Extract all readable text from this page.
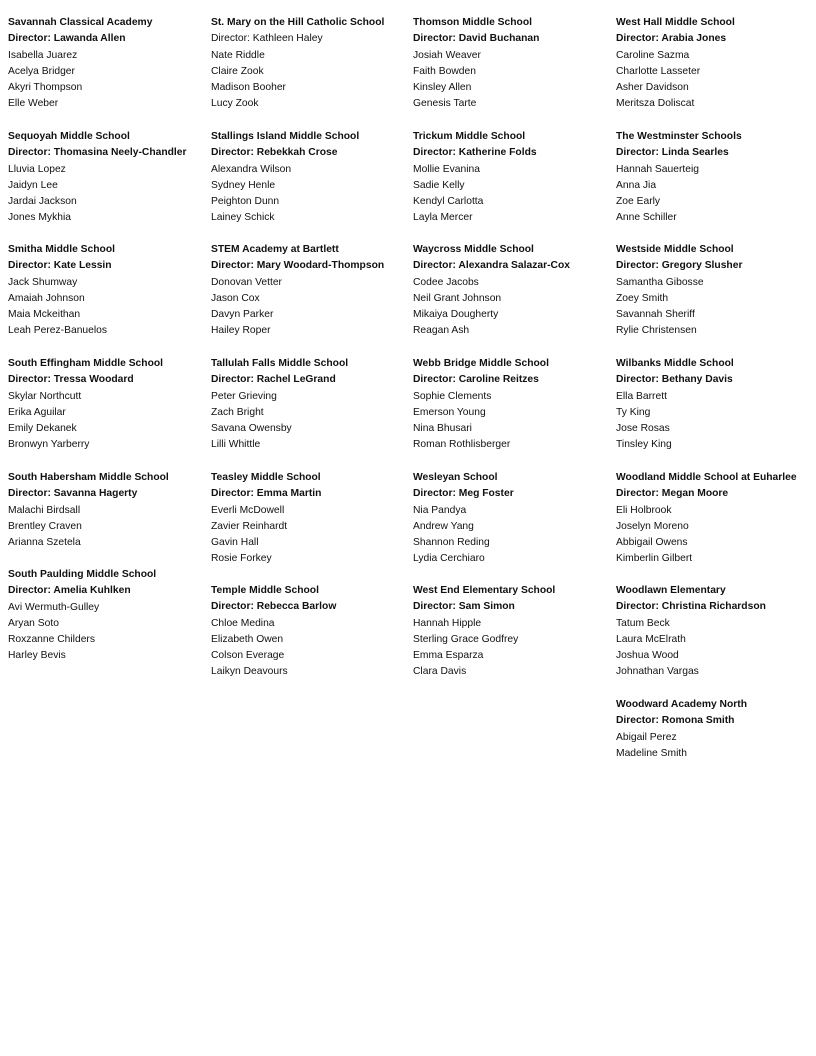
Savannah Classical Academy
Director: Lawanda Allen
Isabella Juarez
Acelya Bridger
Akyri Thompson
Elle Weber
Sequoyah Middle School
Director: Thomasina Neely-Chandler
Lluvia Lopez
Jaidyn Lee
Jardai Jackson
Jones Mykhia
Smitha Middle School
Director: Kate Lessin
Jack Shumway
Amaiah Johnson
Maia Mckeithan
Leah Perez-Banuelos
South Effingham Middle School
Director: Tressa Woodard
Skylar Northcutt
Erika Aguilar
Emily Dekanek
Bronwyn Yarberry
South Habersham Middle School
Director: Savanna Hagerty
Malachi Birdsall
Brentley Craven
Arianna Szetela
South Paulding Middle School
Director: Amelia Kuhlken
Avi Wermuth-Gulley
Aryan Soto
Roxzanne Childers
Harley Bevis
St. Mary on the Hill Catholic School
Director: Kathleen Haley
Nate Riddle
Claire Zook
Madison Booher
Lucy Zook
Stallings Island Middle School
Director: Rebekkah Crose
Alexandra Wilson
Sydney Henle
Peighton Dunn
Lainey Schick
STEM Academy at Bartlett
Director: Mary Woodard-Thompson
Donovan Vetter
Jason Cox
Davyn Parker
Hailey Roper
Tallulah Falls Middle School
Director: Rachel LeGrand
Peter Grieving
Zach Bright
Savana Owensby
Lilli Whittle
Teasley Middle School
Director: Emma Martin
Everli McDowell
Zavier Reinhardt
Gavin Hall
Rosie Forkey
Temple Middle School
Director: Rebecca Barlow
Chloe Medina
Elizabeth Owen
Colson Everage
Laikyn Deavours
Thomson Middle School
Director: David Buchanan
Josiah Weaver
Faith Bowden
Kinsley Allen
Genesis Tarte
Trickum Middle School
Director: Katherine Folds
Mollie Evanina
Sadie Kelly
Kendyl Carlotta
Layla Mercer
Waycross Middle School
Director: Alexandra Salazar-Cox
Codee Jacobs
Neil Grant Johnson
Mikaiya Dougherty
Reagan Ash
Webb Bridge Middle School
Director: Caroline Reitzes
Sophie Clements
Emerson Young
Nina Bhusari
Roman Rothlisberger
Wesleyan School
Director: Meg Foster
Nia Pandya
Andrew Yang
Shannon Reding
Lydia Cerchiaro
West End Elementary School
Director: Sam Simon
Hannah Hipple
Sterling Grace Godfrey
Emma Esparza
Clara Davis
West Hall Middle School
Director: Arabia Jones
Caroline Sazma
Charlotte Lasseter
Asher Davidson
Meritsza Doliscat
The Westminster Schools
Director: Linda Searles
Hannah Sauerteig
Anna Jia
Zoe Early
Anne Schiller
Westside Middle School
Director: Gregory Slusher
Samantha Gibosse
Zoey Smith
Savannah Sheriff
Rylie Christensen
Wilbanks Middle School
Director: Bethany Davis
Ella Barrett
Ty King
Jose Rosas
Tinsley King
Woodland Middle School at Euharlee
Director: Megan Moore
Eli Holbrook
Joselyn Moreno
Abbigail Owens
Kimberlin Gilbert
Woodlawn Elementary
Director: Christina Richardson
Tatum Beck
Laura McElrath
Joshua Wood
Johnathan Vargas
Woodward Academy North
Director: Romona Smith
Abigail Perez
Madeline Smith
